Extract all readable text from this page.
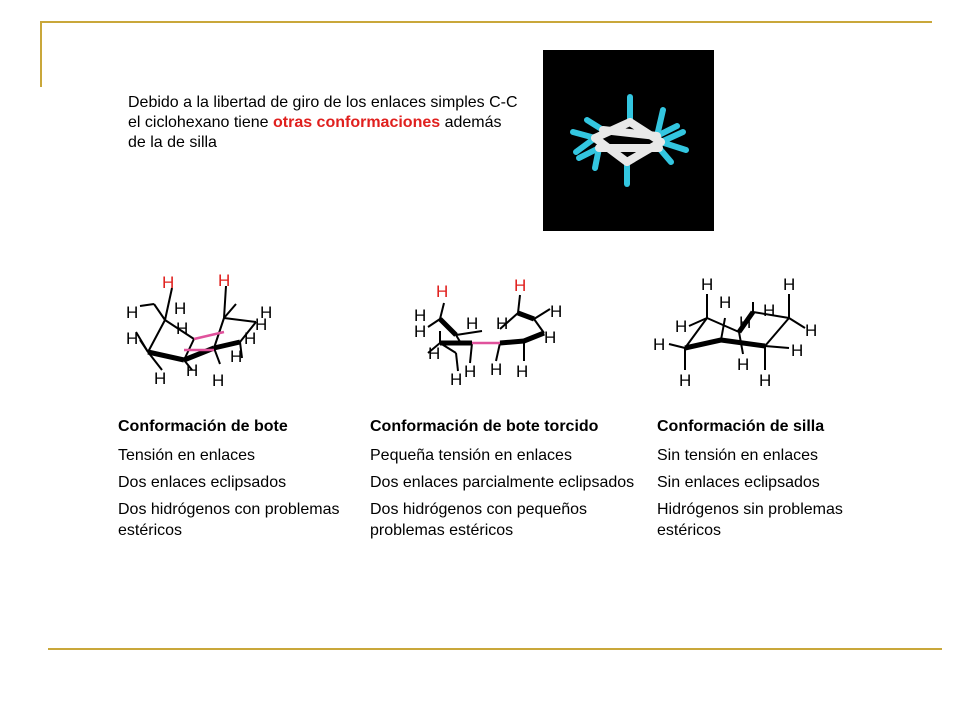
Debido a la libertad de giro de los enlaces simples C-C el ciclohexano tiene otras conformaciones además de la de silla
H	H
H H	H
H
H
H
H
H
H H
H
H	H
H	H
H H
H
H
H
H H H
H
H	H
H H
H	H	H
H	H
H
H	H
Conformación de bote
Tensión en enlaces
Dos enlaces eclipsados
Dos hidrógenos con problemas estéricos
Conformación de bote torcido
Pequeña tensión en enlaces
Dos enlaces parcialmente eclipsados
Dos hidrógenos con pequeños problemas estéricos
Conformación de silla
Sin tensión en enlaces
Sin enlaces eclipsados
Hidrógenos sin problemas estéricos
